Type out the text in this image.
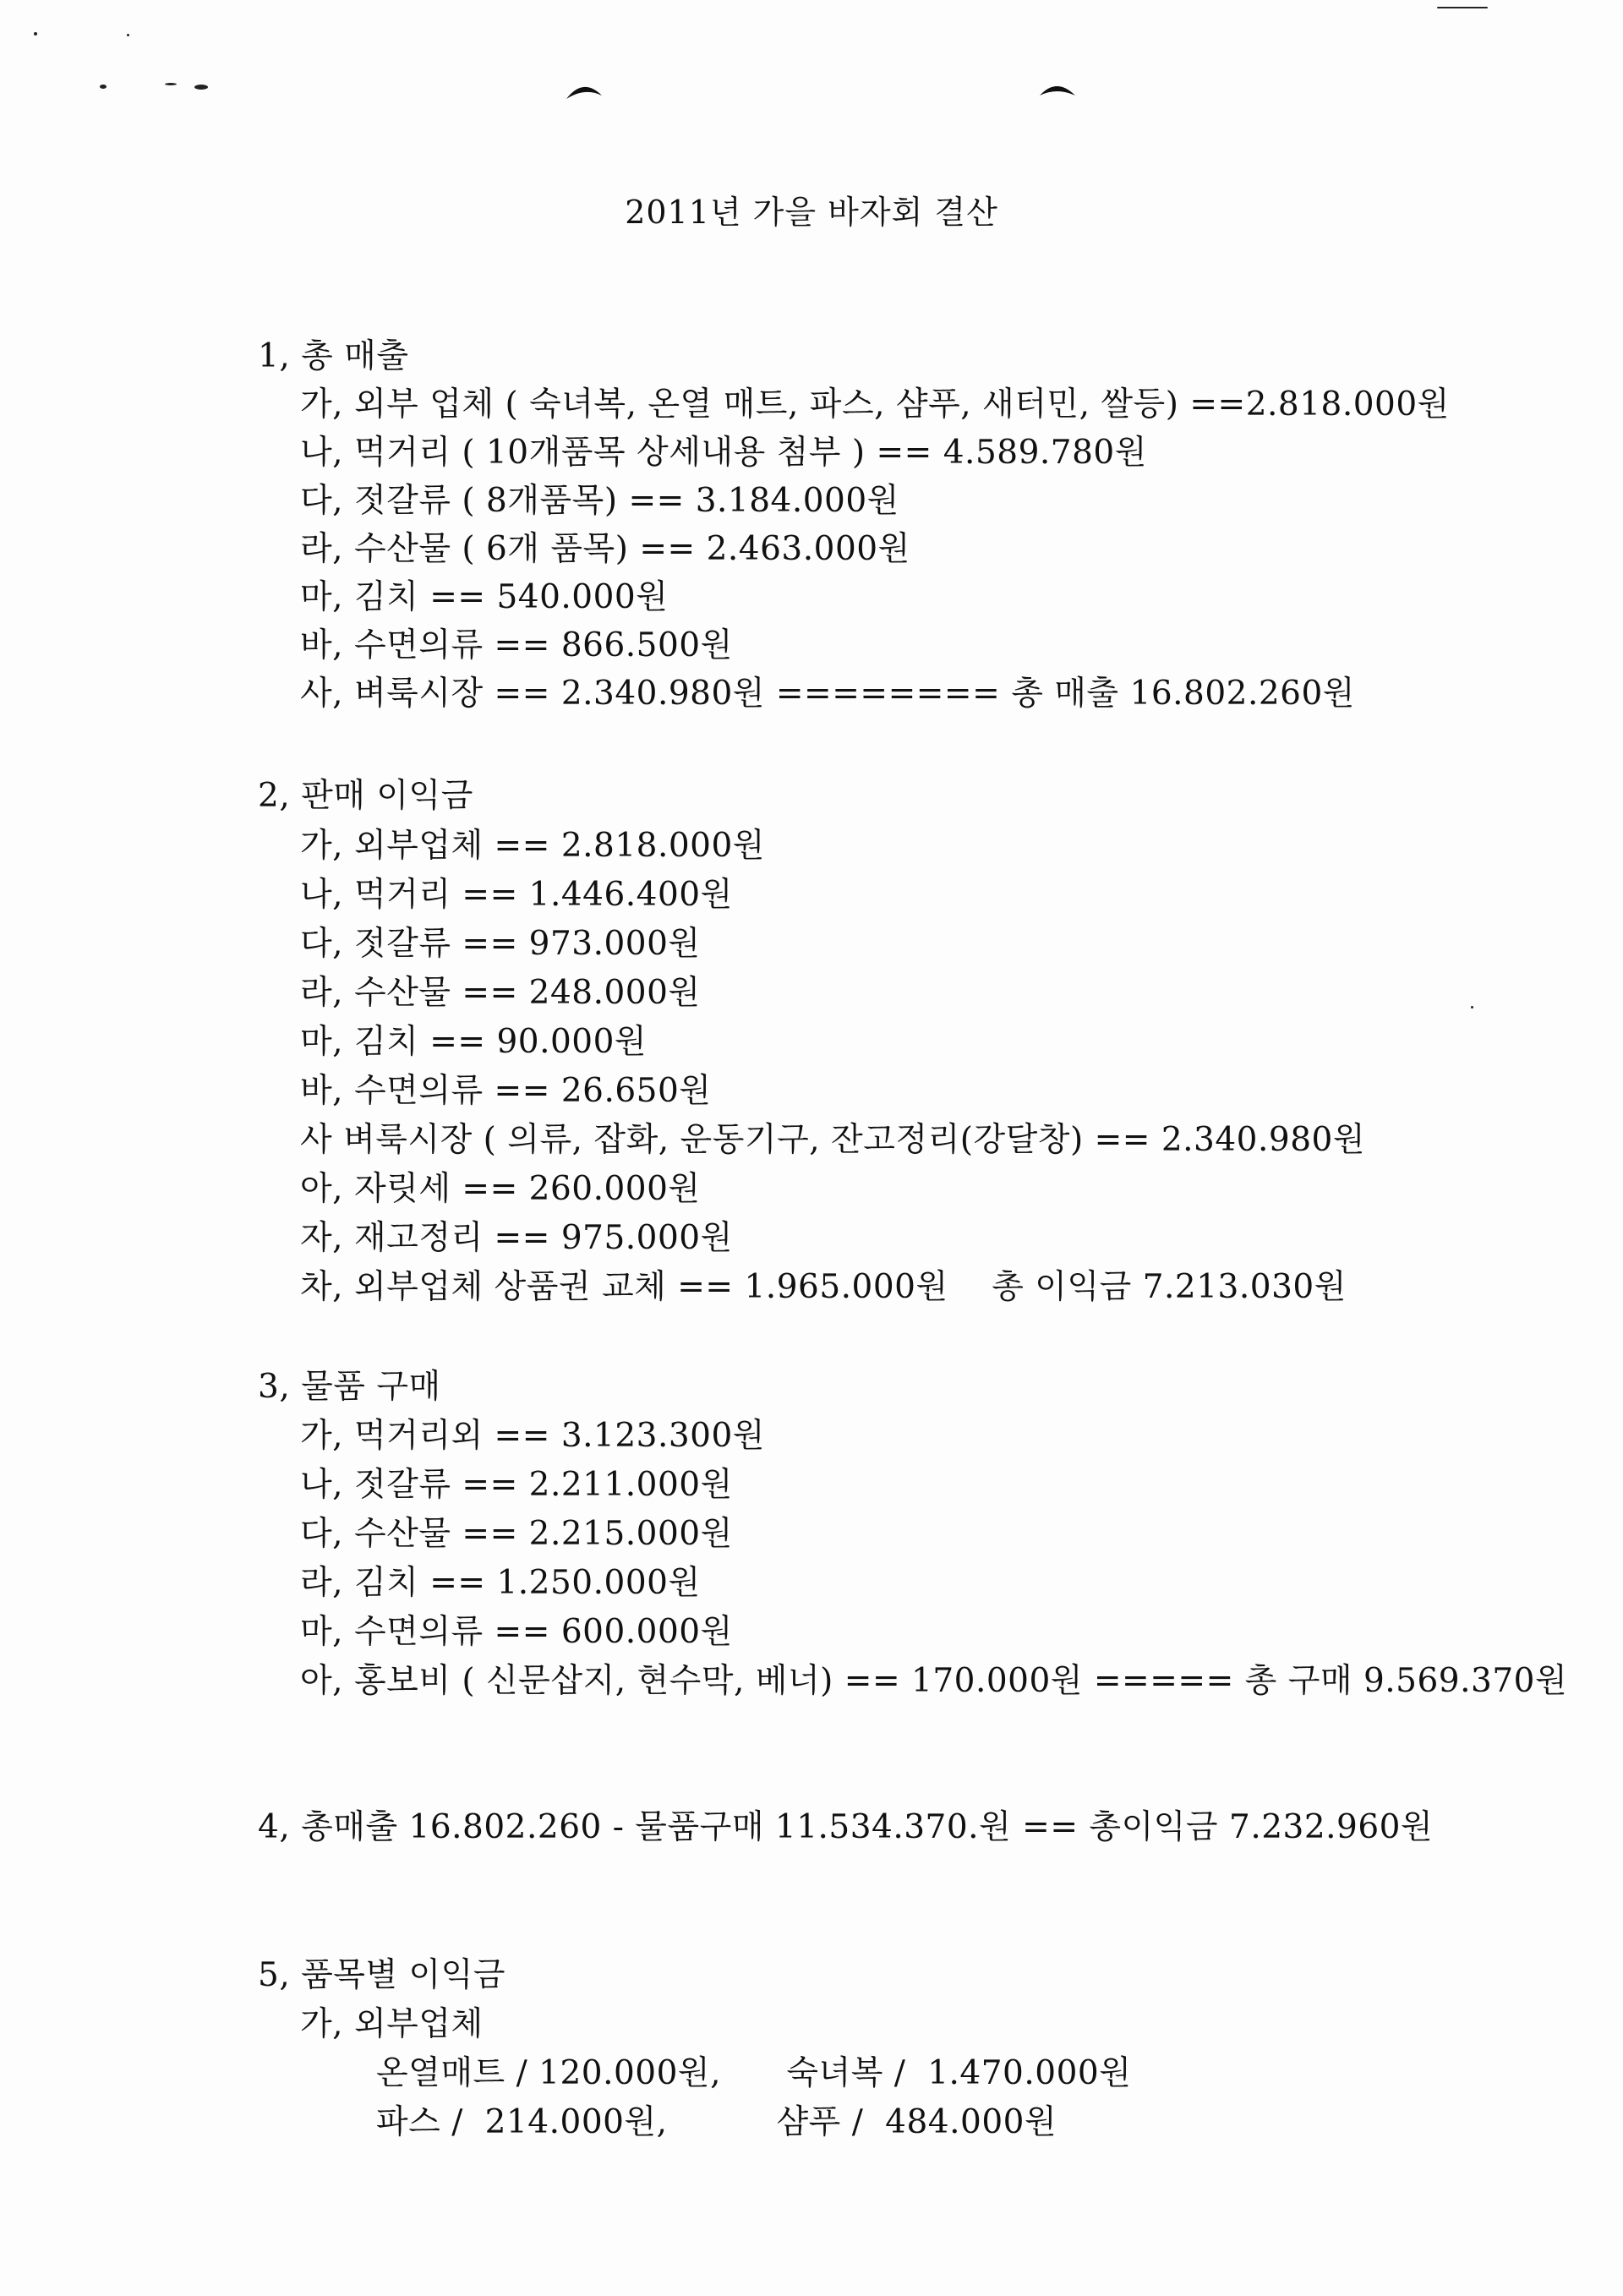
2011년 가을 바자회 결산
1, 총 매출
가, 외부 업체 ( 숙녀복, 온열 매트, 파스, 샴푸, 새터민, 쌀등) ==2.818.000원
나, 먹거리 ( 10개품목 상세내용 첨부 ) == 4.589.780원
다, 젓갈류 ( 8개품목) == 3.184.000원
라, 수산물 ( 6개 품목) == 2.463.000원
마, 김치 == 540.000원
바, 수면의류 == 866.500원
사, 벼룩시장 == 2.340.980원 ======== 총 매출 16.802.260원
2, 판매 이익금
가, 외부업체 == 2.818.000원
나, 먹거리 == 1.446.400원
다, 젓갈류 == 973.000원
라, 수산물 == 248.000원
마, 김치 == 90.000원
바, 수면의류 == 26.650원
사 벼룩시장 ( 의류, 잡화, 운동기구, 잔고정리(강달창) == 2.340.980원
아, 자릿세 == 260.000원
자, 재고정리 == 975.000원
차, 외부업체 상품권 교체 == 1.965.000원    총 이익금 7.213.030원
3, 물품 구매
가, 먹거리외 == 3.123.300원
나, 젓갈류 == 2.211.000원
다, 수산물 == 2.215.000원
라, 김치 == 1.250.000원
마, 수면의류 == 600.000원
아, 홍보비 ( 신문삽지, 현수막, 베너) == 170.000원 ===== 총 구매 9.569.370원
4, 총매출 16.802.260 - 물품구매 11.534.370.원 == 총이익금 7.232.960원
5, 품목별 이익금
가, 외부업체
온열매트 / 120.000원,      숙녀복 /  1.470.000원
파스 /  214.000원,          샴푸 /  484.000원
